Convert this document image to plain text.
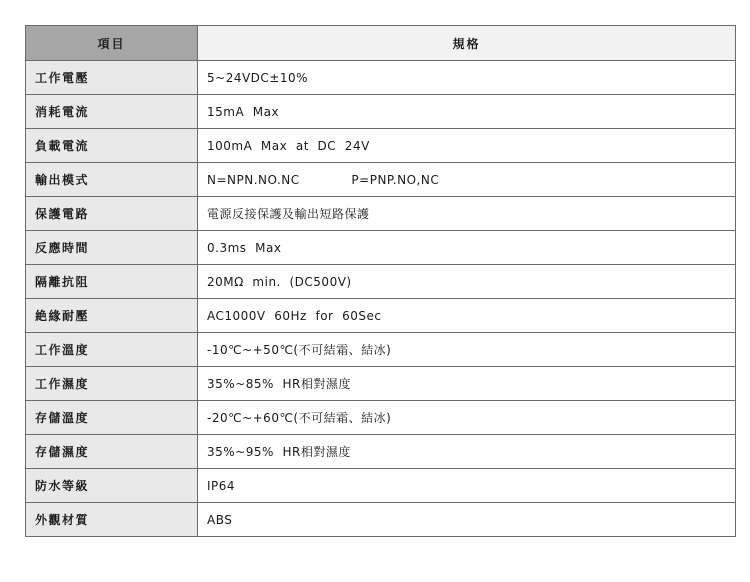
項目	規格
工作電壓	5~24VDC±10%
消耗電流	15mA  Max
負載電流	100mA  Max  at  DC  24V
輸出模式	N=NPN.NO.NC            P=PNP.NO,NC
保護電路	電源反接保護及輸出短路保護
反應時間	0.3ms  Max
隔離抗阻	20MΩ  min.  (DC500V)
絶緣耐壓	AC1000V  60Hz  for  60Sec
工作溫度	-10℃~+50℃(不可結霜、結冰)
工作濕度	35%~85%  HR相對濕度
存儲溫度	-20℃~+60℃(不可結霜、結冰)
存儲濕度	35%~95%  HR相對濕度
防水等級	IP64
外觀材質	ABS
